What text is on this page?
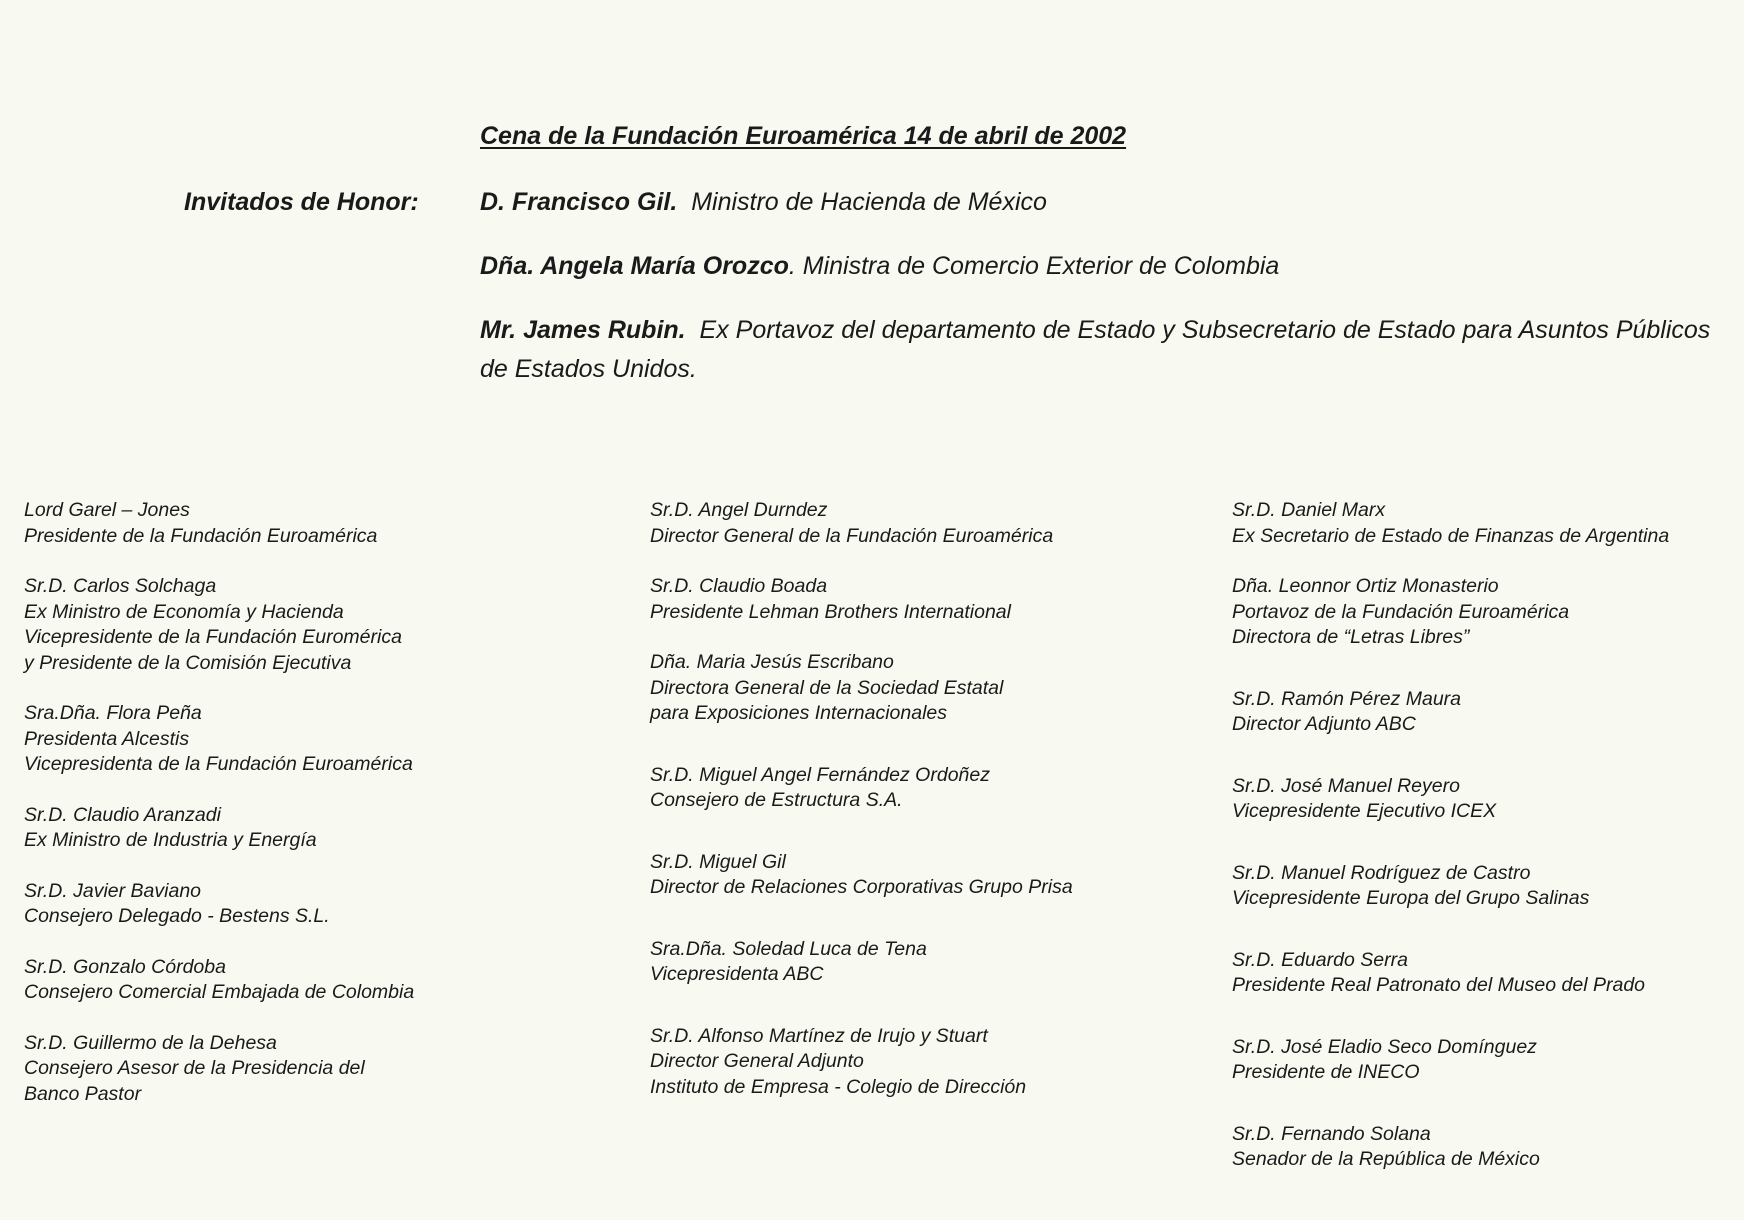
Cena de la Fundación Euroamérica 14 de abril de 2002
Invitados de Honor: D. Francisco Gil. Ministro de Hacienda de México
Dña. Angela María Orozco. Ministra de Comercio Exterior de Colombia
Mr. James Rubin. Ex Portavoz del departamento de Estado y Subsecretario de Estado para Asuntos Públicos de Estados Unidos.
Lord Garel – Jones
Presidente de la Fundación Euroamérica
Sr.D. Carlos Solchaga
Ex Ministro de Economía y Hacienda
Vicepresidente de la Fundación Euromérica
y Presidente de la Comisión Ejecutiva
Sra.Dña. Flora Peña
Presidenta Alcestis
Vicepresidenta de la Fundación Euroamérica
Sr.D. Claudio Aranzadi
Ex Ministro de Industria y Energía
Sr.D. Javier Baviano
Consejero Delegado - Bestens S.L.
Sr.D. Gonzalo Córdoba
Consejero Comercial Embajada de Colombia
Sr.D. Guillermo de la Dehesa
Consejero Asesor de la Presidencia del
Banco Pastor
Sr.D. Angel Durndez
Director General de la Fundación Euroamérica
Sr.D. Claudio Boada
Presidente Lehman Brothers International
Dña. Maria Jesús Escribano
Directora General de la Sociedad Estatal
para Exposiciones Internacionales
Sr.D. Miguel Angel Fernández Ordoñez
Consejero de Estructura S.A.
Sr.D. Miguel Gil
Director de Relaciones Corporativas Grupo Prisa
Sra.Dña. Soledad Luca de Tena
Vicepresidenta ABC
Sr.D. Alfonso Martínez de Irujo y Stuart
Director General Adjunto
Instituto de Empresa - Colegio de Dirección
Sr.D. Daniel Marx
Ex Secretario de Estado de Finanzas de Argentina
Dña. Leonnor Ortiz Monasterio
Portavoz de la Fundación Euroamérica
Directora de “Letras Libres”
Sr.D. Ramón Pérez Maura
Director Adjunto ABC
Sr.D. José Manuel Reyero
Vicepresidente Ejecutivo ICEX
Sr.D. Manuel Rodríguez de Castro
Vicepresidente Europa del Grupo Salinas
Sr.D. Eduardo Serra
Presidente Real Patronato del Museo del Prado
Sr.D. José Eladio Seco Domínguez
Presidente de INECO
Sr.D. Fernando Solana
Senador de la República de México
